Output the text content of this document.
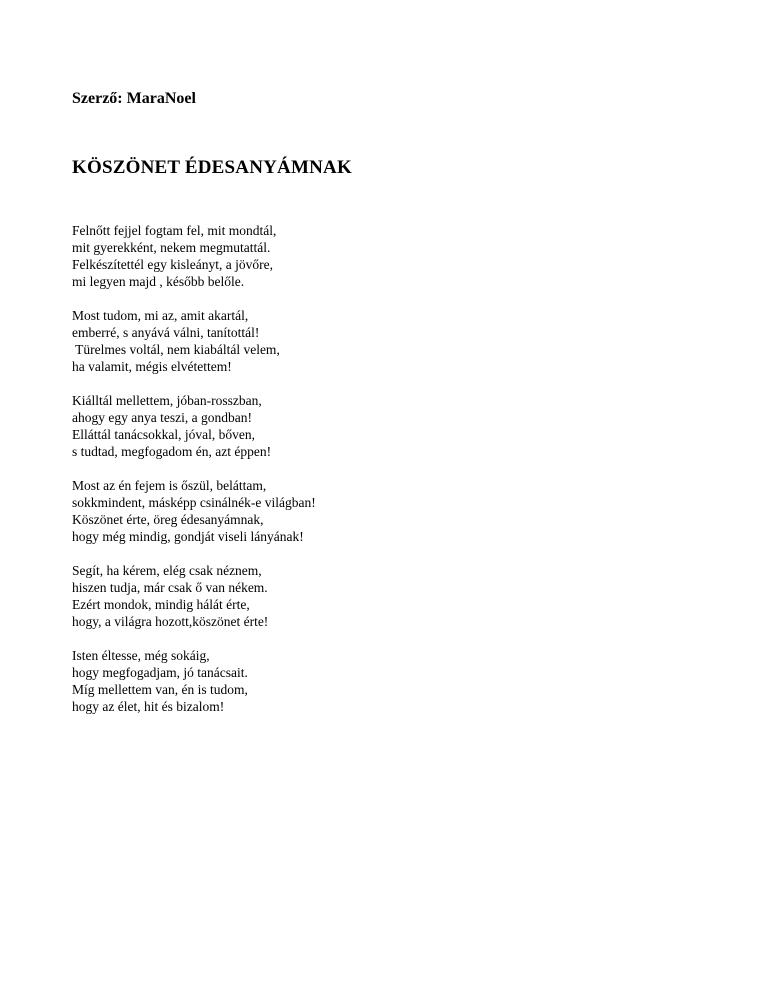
Szerző: MaraNoel

KÖSZÖNET ÉDESANYÁMNAK
Felnőtt fejjel fogtam fel, mit mondtál,
mit gyerekként, nekem megmutattál.
Felkészítettél egy kisleányt, a jövőre,
mi legyen majd , később belőle.
Most tudom, mi az, amit akartál,
emberré, s anyává válni, tanítottál!
Türelmes voltál, nem kiabáltál velem,
ha valamit, mégis elvétettem!
Kiálltál mellettem, jóban-rosszban,
ahogy egy anya teszi, a gondban!
Elláttál tanácsokkal, jóval, bőven,
s tudtad, megfogadom én, azt éppen!
Most az én fejem is őszül, beláttam,
sokkmindent, másképp csinálnék-e világban!
Köszönet érte, öreg édesanyámnak,
hogy még mindig, gondját viseli lányának!
Segít, ha kérem, elég csak néznem,
hiszen tudja, már csak ő van nékem.
Ezért mondok, mindig hálát érte,
hogy, a világra hozott,köszönet érte!
Isten éltesse, még sokáig,
hogy megfogadjam, jó tanácsait.
Míg mellettem van, én is tudom,
hogy az élet, hit és bizalom!
